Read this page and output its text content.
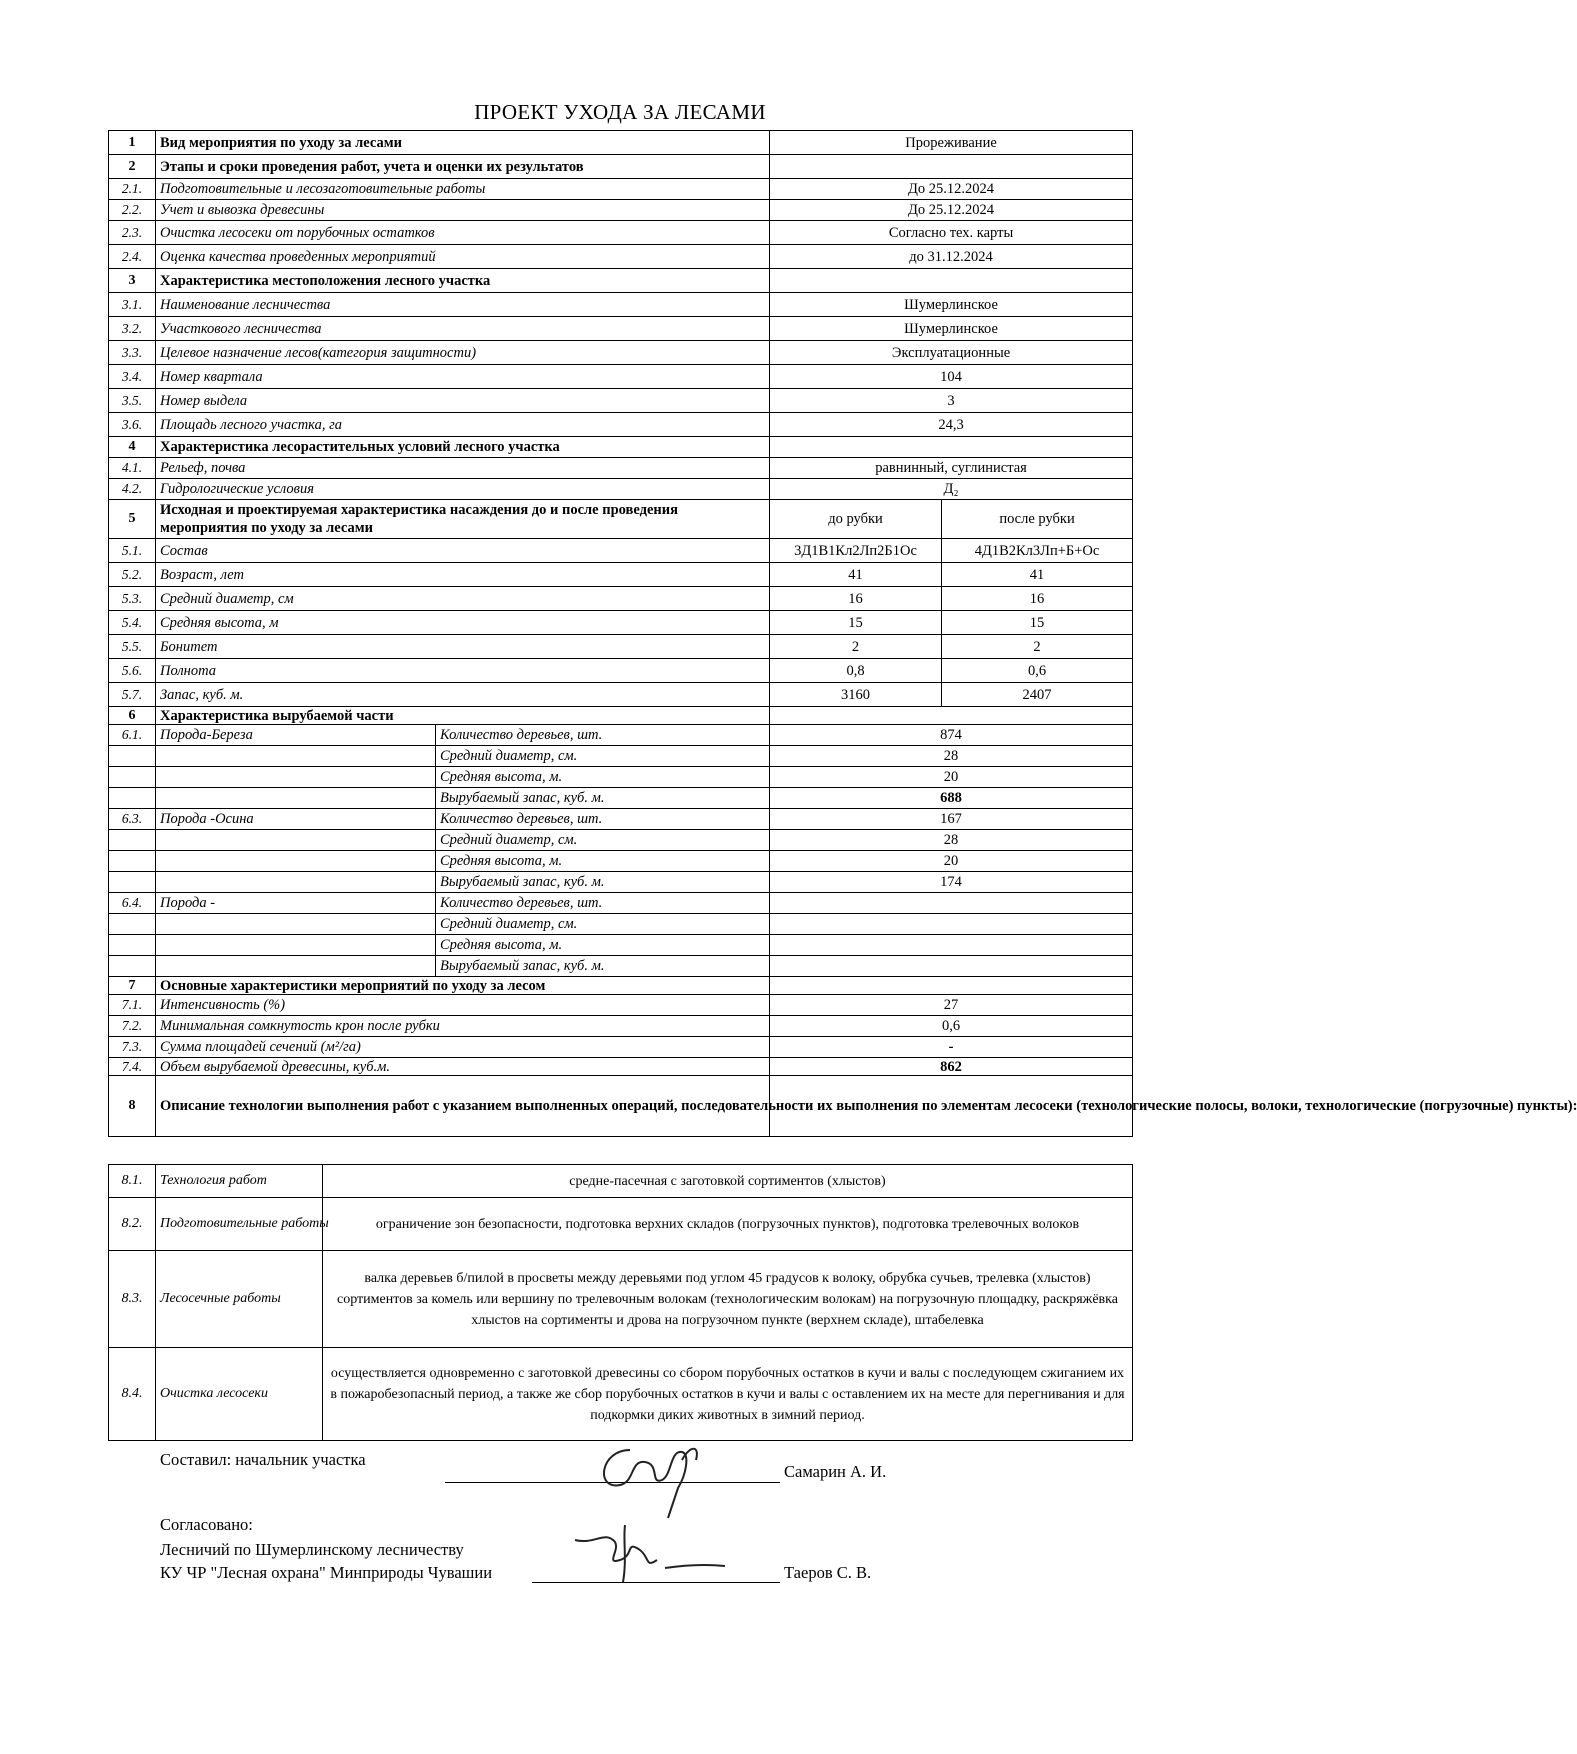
ПРОЕКТ УХОДА ЗА ЛЕСАМИ
1	Вид мероприятия по уходу за лесами		Прореживание	
2	Этапы и сроки проведения работ, учета и оценки их результатов			
2.1.	Подготовительные и лесозаготовительные работы		До 25.12.2024	
2.2.	Учет и вывозка древесины		До 25.12.2024	
2.3.	Очистка лесосеки от порубочных остатков		Согласно тех. карты	
2.4.	Оценка качества проведенных мероприятий		до 31.12.2024	
3	Характеристика местоположения лесного участка			
3.1.	Наименование лесничества		Шумерлинское	
3.2.	Участкового лесничества		Шумерлинское	
3.3.	Целевое назначение лесов(категория защитности)		Эксплуатационные	
3.4.	Номер квартала		104	
3.5.	Номер выдела		3	
3.6.	Площадь лесного участка, га		24,3	
4	Характеристика лесорастительных условий лесного участка			
4.1.	Рельеф, почва		равнинный, суглинистая	
4.2.	Гидрологические условия		Д₂	
5	Исходная и проектируемая характеристика насаждения до и после проведения
мероприятия по уходу за лесами		до рубки	после рубки
5.1.	Состав		3Д1В1Кл2Лп2Б1Ос	4Д1В2Кл3Лп+Б+Ос
5.2.	Возраст, лет		41	41
5.3.	Средний диаметр, см		16	16
5.4.	Средняя высота, м		15	15
5.5.	Бонитет		2	2
5.6.	Полнота		0,8	0,6
5.7.	Запас, куб. м.		3160	2407
6	Характеристика вырубаемой части			
6.1.	Порода-Береза	Количество деревьев, шт.	874	
		Средний диаметр, см.	28	
		Средняя высота, м.	20	
		Вырубаемый запас, куб. м.	688	
6.3.	Порода -Осина	Количество деревьев, шт.	167	
		Средний диаметр, см.	28	
		Средняя высота, м.	20	
		Вырубаемый запас, куб. м.	174	
6.4.	Порода -	Количество деревьев, шт.		
		Средний диаметр, см.		
		Средняя высота, м.		
		Вырубаемый запас, куб. м.		
7	Основные характеристики мероприятий по уходу за лесом			
7.1.	Интенсивность (%)		27	
7.2.	Минимальная сомкнутость крон после рубки		0,6	
7.3.	Сумма площадей сечений (м²/га)		-	
7.4.	Объем вырубаемой древесины, куб.м.		862	
8	Описание технологии выполнения работ с указанием выполненных операций, последовательности их выполнения по элементам лесосеки (технологические полосы, волоки, технологические (погрузочные) пункты):			
8.1.	Технология работ	средне-пасечная с заготовкой сортиментов (хлыстов)
8.2.	Подготовительные работы	ограничение зон безопасности, подготовка верхних складов (погрузочных пунктов), подготовка трелевочных волоков
8.3.	Лесосечные работы	валка деревьев б/пилой в просветы между деревьями под углом 45 градусов к волоку, обрубка сучьев, трелевка (хлыстов) сортиментов за комель или вершину по трелевочным волокам (технологическим волокам) на погрузочную площадку, раскряжёвка хлыстов на сортименты и дрова на погрузочном пункте (верхнем складе), штабелевка
8.4.	Очистка лесосеки	осуществляется одновременно с заготовкой древесины со сбором порубочных остатков в кучи и валы с последующем сжиганием их в пожаробезопасный период, а также же сбор порубочных остатков в кучи и валы с оставлением их на месте для перегнивания и для подкормки диких животных в зимний период.
Составил: начальник участка
Самарин А. И.
Согласовано:
Лесничий по Шумерлинскому лесничеству
КУ ЧР "Лесная охрана" Минприроды Чувашии	Таеров С. В.
